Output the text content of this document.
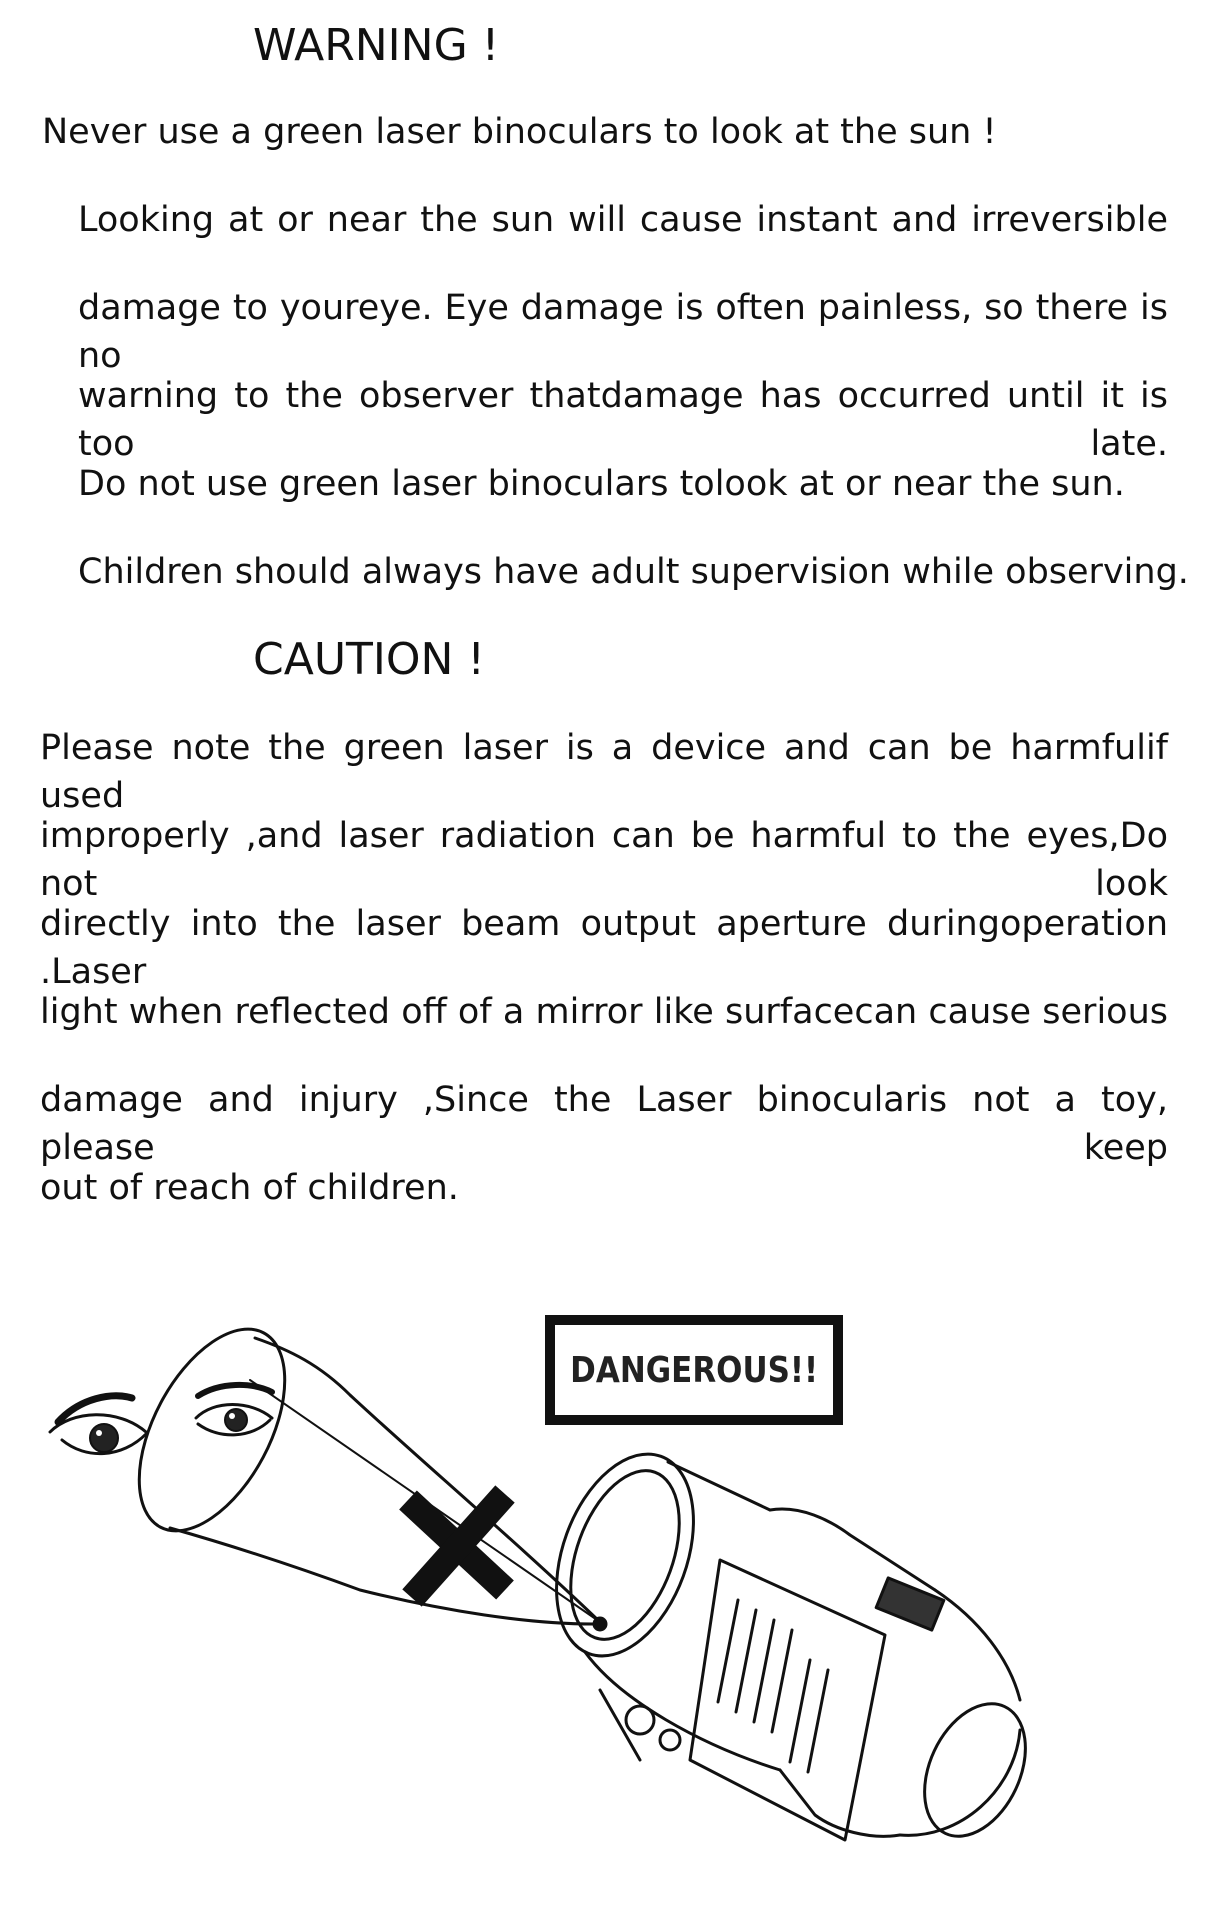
WARNING !

Never use a green laser binoculars to look at the sun !

Looking at or near the sun will cause instant and irreversible

damage to youreye. Eye damage is often painless, so there is no

warning to the observer thatdamage has occurred until it is too late.

Do not use green laser binoculars tolook at or near the sun.

Children should always have adult supervision while observing.

CAUTION !

Please note the green laser is a device and can be harmfulif used

improperly ,and laser radiation can be harmful to the eyes,Do not look

directly into the laser beam output aperture duringoperation .Laser

light when reflected off of a mirror like surfacecan cause serious

damage and injury ,Since the Laser binocularis not a toy, please keep

out of reach of children.

DANGEROUS!!
